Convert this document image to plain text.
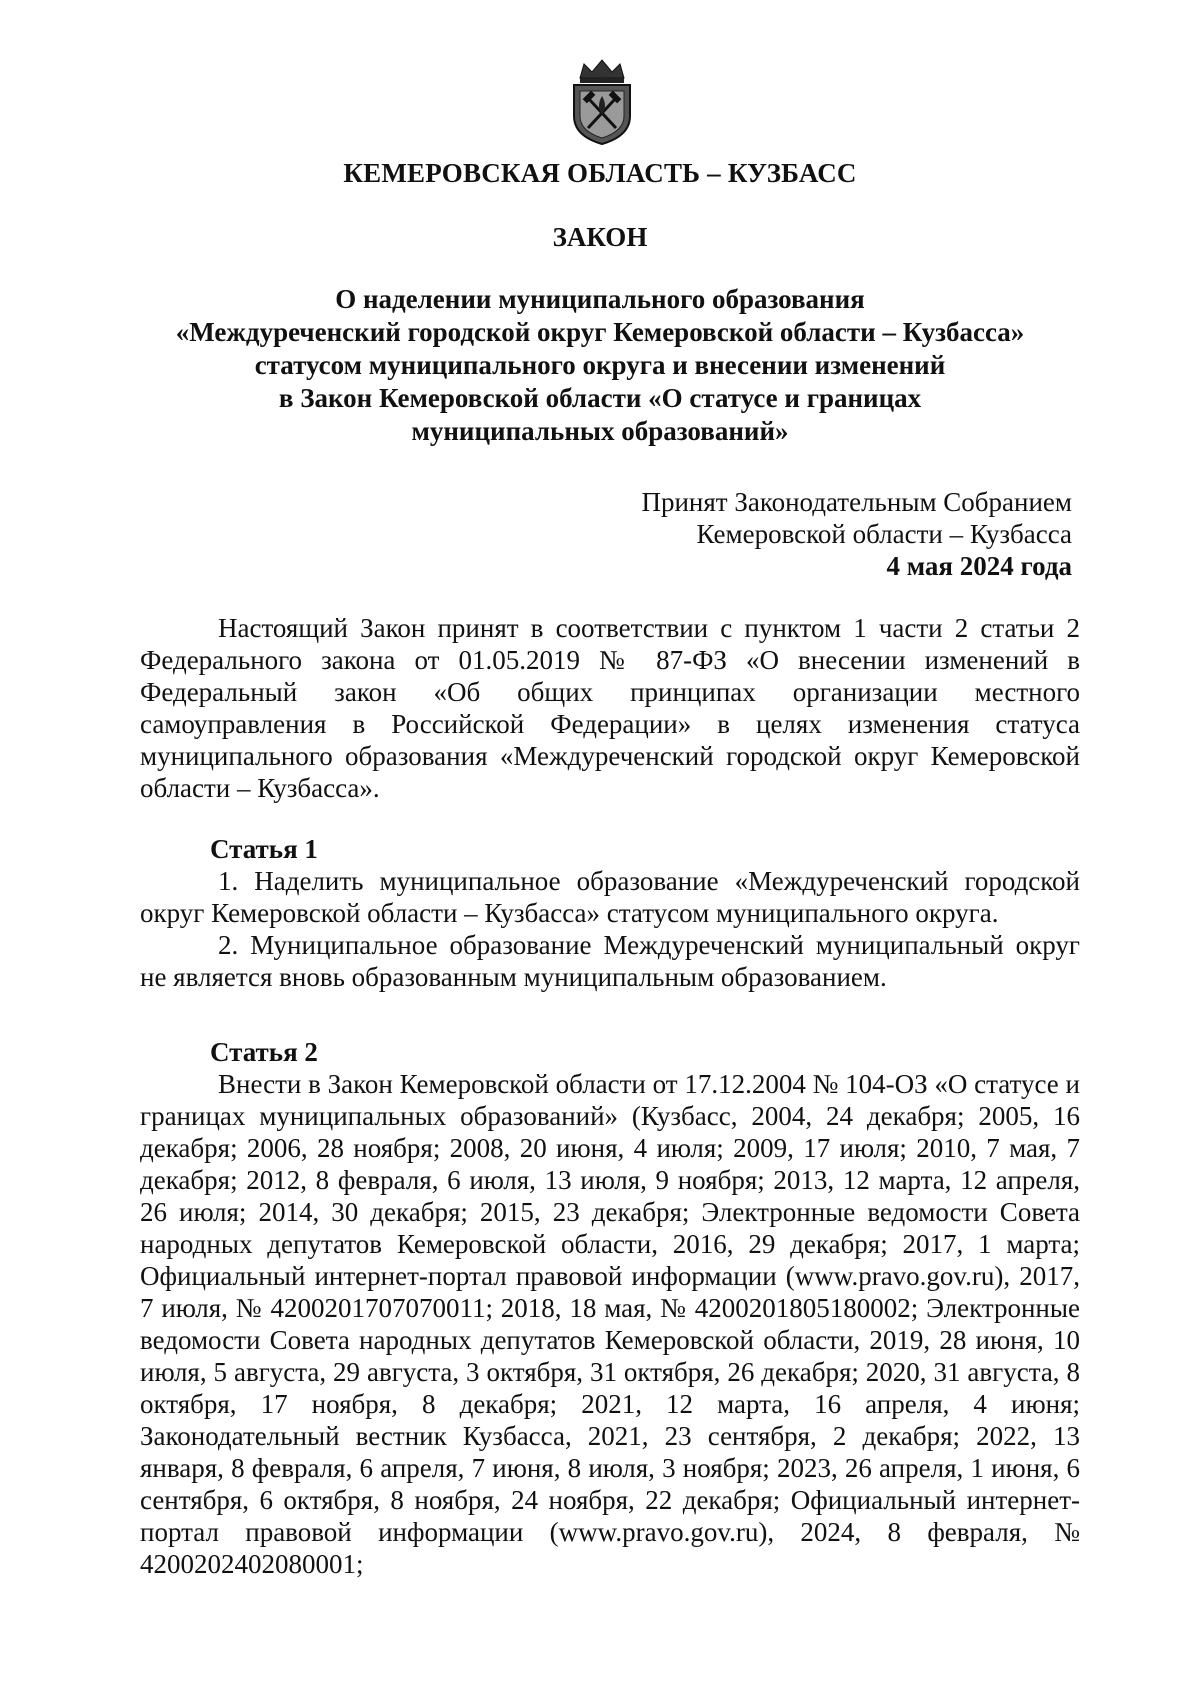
КЕМЕРОВСКАЯ ОБЛАСТЬ – КУЗБАСС
ЗАКОН
О наделении муниципального образования
«Междуреченский городской округ Кемеровской области – Кузбасса»
статусом муниципального округа и внесении изменений
в Закон Кемеровской области «О статусе и границах
муниципальных образований»
Принят Законодательным Собранием
Кемеровской области – Кузбасса
4 мая 2024 года

Настоящий Закон принят в соответствии с пунктом 1 части 2 статьи 2 Федерального закона от 01.05.2019 № 87-ФЗ «О внесении изменений в Федеральный закон «Об общих принципах организации местного самоуправления в Российской Федерации» в целях изменения статуса муниципального образования «Междуреченский городской округ Кемеровской области – Кузбасса».

Статья 1

1. Наделить муниципальное образование «Междуреченский городской округ Кемеровской области – Кузбасса» статусом муниципального округа.

2. Муниципальное образование Междуреченский муниципальный округ не является вновь образованным муниципальным образованием.

Статья 2

Внести в Закон Кемеровской области от 17.12.2004 № 104-ОЗ «О статусе и границах муниципальных образований» (Кузбасс, 2004, 24 декабря; 2005, 16 декабря; 2006, 28 ноября; 2008, 20 июня, 4 июля; 2009, 17 июля; 2010, 7 мая, 7 декабря; 2012, 8 февраля, 6 июля, 13 июля, 9 ноября; 2013, 12 марта, 12 апреля, 26 июля; 2014, 30 декабря; 2015, 23 декабря; Электронные ведомости Совета народных депутатов Кемеровской области, 2016, 29 декабря; 2017, 1 марта; Официальный интернет-портал правовой информации (www.pravo.gov.ru), 2017, 7 июля, № 4200201707070011; 2018, 18 мая, № 4200201805180002; Электронные ведомости Совета народных депутатов Кемеровской области, 2019, 28 июня, 10 июля, 5 августа, 29 августа, 3 октября, 31 октября, 26 декабря; 2020, 31 августа, 8 октября, 17 ноября, 8 декабря; 2021, 12 марта, 16 апреля, 4 июня; Законодательный вестник Кузбасса, 2021, 23 сентября, 2 декабря; 2022, 13 января, 8 февраля, 6 апреля, 7 июня, 8 июля, 3 ноября; 2023, 26 апреля, 1 июня, 6 сентября, 6 октября, 8 ноября, 24 ноября, 22 декабря; Официальный интернет-портал правовой информации (www.pravo.gov.ru), 2024, 8 февраля, № 4200202402080001;
